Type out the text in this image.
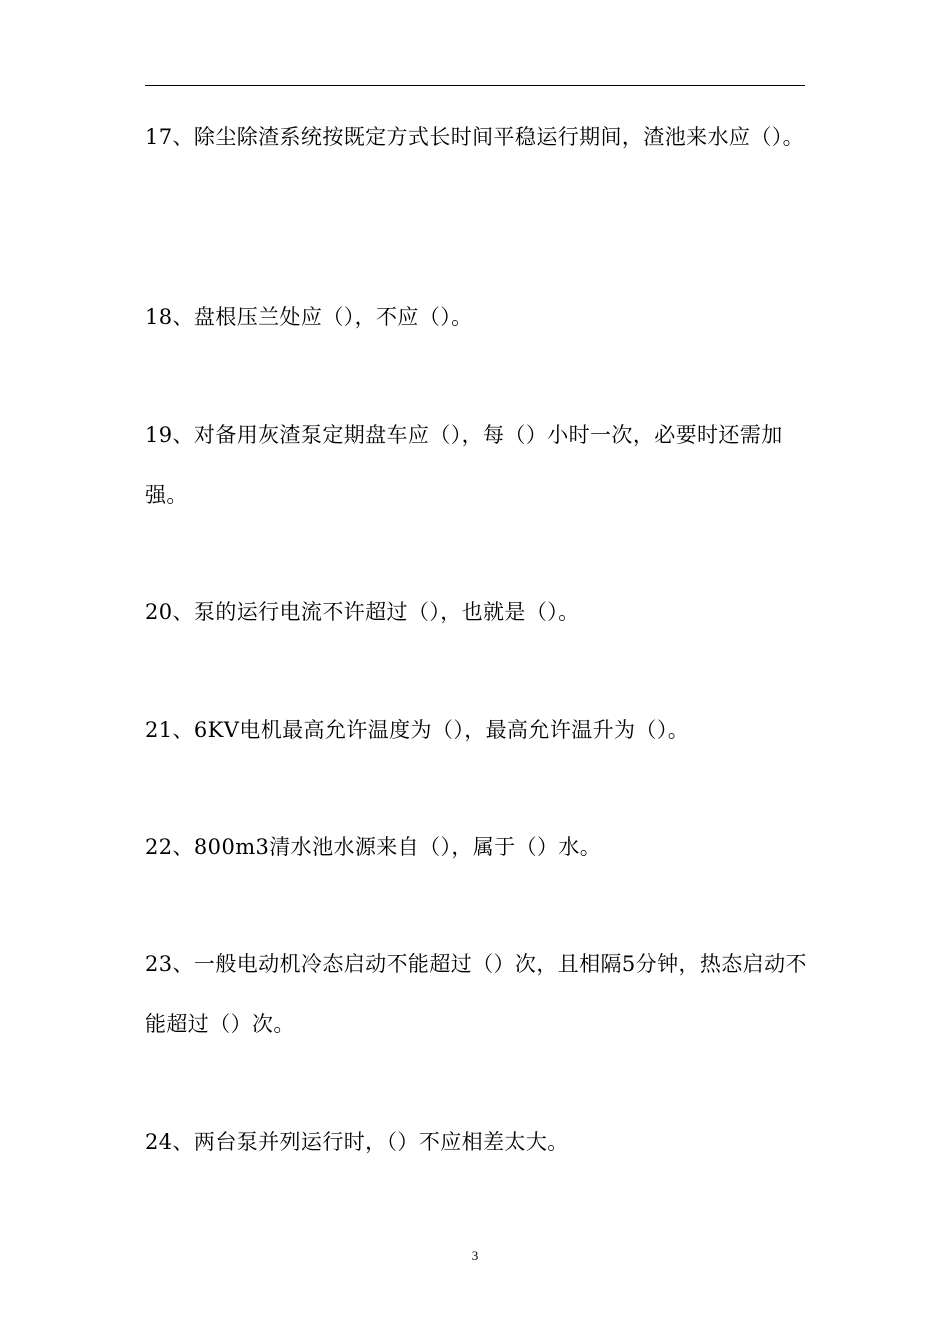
17、除尘除渣系统按既定方式长时间平稳运行期间，渣池来水应（）。

18、盘根压兰处应（），不应（）。

19、对备用灰渣泵定期盘车应（），每（）小时一次，必要时还需加强。

20、泵的运行电流不许超过（），也就是（）。

21、6KV电机最高允许温度为（），最高允许温升为（）。

22、800m3清水池水源来自（），属于（）水。

23、一般电动机冷态启动不能超过（）次，且相隔5分钟，热态启动不能超过（）次。

24、两台泵并列运行时，（）不应相差太大。

3
